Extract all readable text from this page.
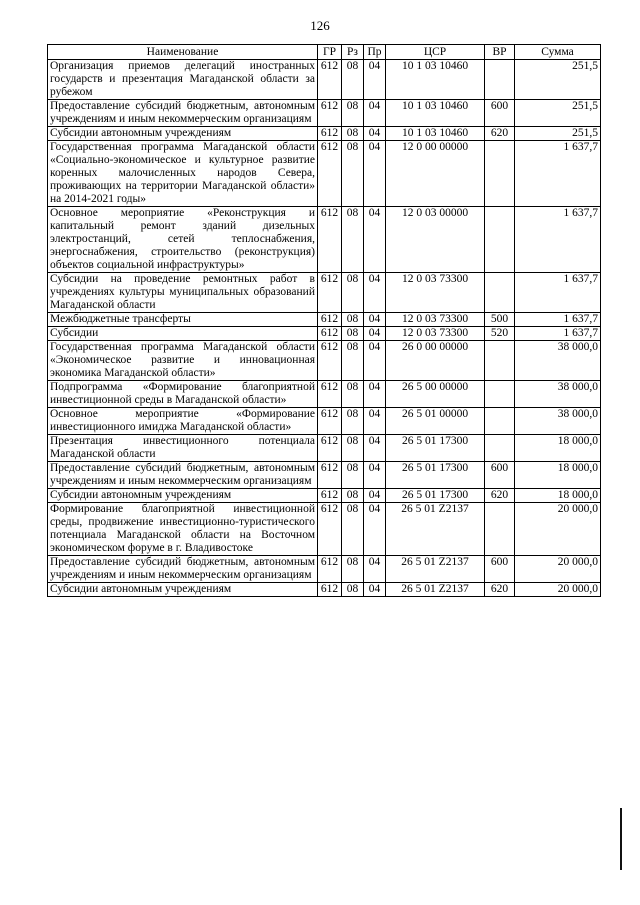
126
Наименование	ГР	Рз	Пр	ЦСР	ВР	Сумма
Организация приемов делегаций иностранных государств и презентация Магаданской области за рубежом	612	08	04	10 1 03 10460		251,5
Предоставление субсидий бюджетным, автономным учреждениям и иным некоммерческим организациям	612	08	04	10 1 03 10460	600	251,5
Субсидии автономным учреждениям	612	08	04	10 1 03 10460	620	251,5
Государственная программа Магаданской области «Социально-экономическое и культурное развитие коренных малочисленных народов Севера, проживающих на территории Магаданской области» на 2014-2021 годы»	612	08	04	12 0 00 00000		1 637,7
Основное мероприятие «Реконструкция и капитальный ремонт зданий дизельных электростанций, сетей теплоснабжения, энергоснабжения, строительство (реконструкция) объектов социальной инфраструктуры»	612	08	04	12 0 03 00000		1 637,7
Субсидии на проведение ремонтных работ в учреждениях культуры муниципальных образований Магаданской области	612	08	04	12 0 03 73300		1 637,7
Межбюджетные трансферты	612	08	04	12 0 03 73300	500	1 637,7
Субсидии	612	08	04	12 0 03 73300	520	1 637,7
Государственная программа Магаданской области «Экономическое развитие и инновационная экономика Магаданской области»	612	08	04	26 0 00 00000		38 000,0
Подпрограмма «Формирование благоприятной инвестиционной среды в Магаданской области»	612	08	04	26 5 00 00000		38 000,0
Основное мероприятие «Формирование инвестиционного имиджа Магаданской области»	612	08	04	26 5 01 00000		38 000,0
Презентация инвестиционного потенциала Магаданской области	612	08	04	26 5 01 17300		18 000,0
Предоставление субсидий бюджетным, автономным учреждениям и иным некоммерческим организациям	612	08	04	26 5 01 17300	600	18 000,0
Субсидии автономным учреждениям	612	08	04	26 5 01 17300	620	18 000,0
Формирование благоприятной инвестиционной среды, продвижение инвестиционно-туристического потенциала Магаданской области на Восточном экономическом форуме в г. Владивостоке	612	08	04	26 5 01 Z2137		20 000,0
Предоставление субсидий бюджетным, автономным учреждениям и иным некоммерческим организациям	612	08	04	26 5 01 Z2137	600	20 000,0
Субсидии автономным учреждениям	612	08	04	26 5 01 Z2137	620	20 000,0
